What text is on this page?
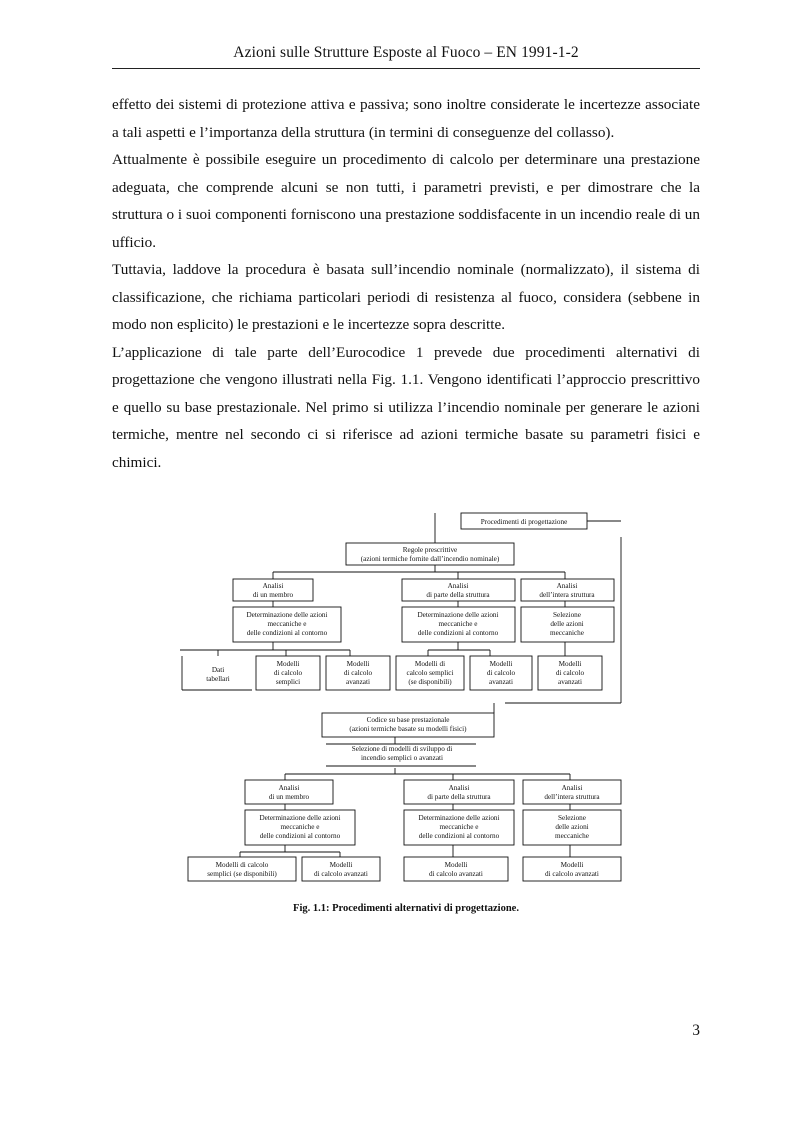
Azioni sulle Strutture Esposte al Fuoco – EN 1991-1-2

effetto dei sistemi di protezione attiva e passiva; sono inoltre considerate le incertezze associate a tali aspetti e l’importanza della struttura (in termini di conseguenze del collasso).

Attualmente è possibile eseguire un procedimento di calcolo per determinare una prestazione adeguata, che comprende alcuni se non tutti, i parametri previsti, e per dimostrare che la struttura o i suoi componenti forniscono una prestazione soddisfacente in un incendio reale di un ufficio.

Tuttavia, laddove la procedura è basata sull’incendio nominale (normalizzato), il sistema di classificazione, che richiama particolari periodi di resistenza al fuoco, considera (sebbene in modo non esplicito) le prestazioni e le incertezze sopra descritte.

L’applicazione di tale parte dell’Eurocodice 1 prevede due procedimenti alternativi di progettazione che vengono illustrati nella Fig. 1.1. Vengono identificati l’approccio prescrittivo e quello su base prestazionale. Nel primo si utilizza l’incendio nominale per generare le azioni termiche, mentre nel secondo ci si riferisce ad azioni termiche basate su parametri fisici e chimici.

Procedimenti di progettazione
Regole prescrittive
(azioni termiche fornite dall’incendio nominale)
Analisi
di un membro
Analisi
di parte della struttura
Analisi
dell’intera struttura
Determinazione delle azioni
meccaniche e
delle condizioni al contorno
Determinazione delle azioni
meccaniche e
delle condizioni al contorno
Selezione
delle azioni
meccaniche
Dati
tabellari
Modelli
di calcolo
semplici
Modelli
di calcolo
avanzati
Modelli di
calcolo semplici
(se disponibili)
Modelli
di calcolo
avanzati
Modelli
di calcolo
avanzati
Codice su base prestazionale
(azioni termiche basate su modelli fisici)
Selezione di modelli di sviluppo di
incendio semplici o avanzati
Analisi
di un membro
Analisi
di parte della struttura
Analisi
dell’intera struttura
Determinazione delle azioni
meccaniche e
delle condizioni al contorno
Determinazione delle azioni
meccaniche e
delle condizioni al contorno
Selezione
delle azioni
meccaniche
Modelli di calcolo
semplici (se disponibili)
Modelli
di calcolo avanzati
Modelli
di calcolo avanzati
Modelli
di calcolo avanzati
Fig. 1.1: Procedimenti alternativi di progettazione.
3
